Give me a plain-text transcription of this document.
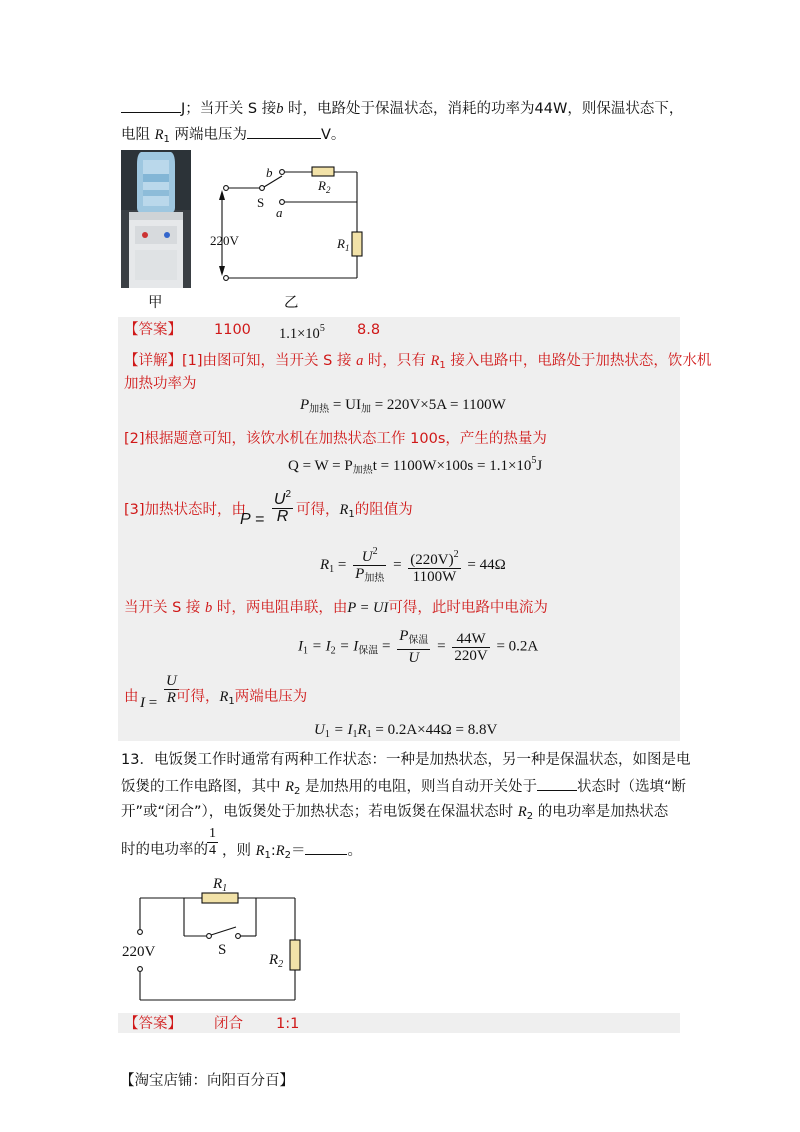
J；当开关 S 接b 时，电路处于保温状态，消耗的功率为44W，则保温状态下，
电阻 $R_1$ 两端电压为	V。
甲
b
$R_2$
S
a
220V	$R_1$
乙
【答案】 1100 $1.1\times 10^5$ 8.8
【详解】[1]由图可知，当开关 S 接 a 时，只有 $R_1$ 接入电路中，电路处于加热状态，饮水机
加热功率为
$P_{加热} = UI_加 = 220V\times 5A = 1100W$
[2]根据题意可知，该饮水机在加热状态工作 100s，产生的热量为
$Q = W = P_{加热}t = 1100W\times 100s = 1.1\times 10^5J$
[3]加热状态时，由
$P = \frac{U^2}{R}$ 可得，$R_1$的阻值为
$R_1 = \frac{U^2}{P_{加热}} = \frac{(220V)^2}{1100W} = 44\Omega$
当开关 S 接 b 时，两电阻串联，由P = UI可得，此时电路中电流为
$I_1 = I_2 = I_{保温} = \frac{P_{保温}}{U} = \frac{44W}{220V} = 0.2A$
由 $I = \frac{U}{R}$
可得，$R_1$两端电压为
$U_1 = I_1R_1 = 0.2A\times 44\Omega = 8.8V$
13．电饭煲工作时通常有两种工作状态：一种是加热状态，另一种是保温状态，如图是电
饭煲的工作电路图，其中 $R_2$ 是加热用的电阻，则当自动开关处于	状态时（选填“断
开”或“闭合”），电饭煲处于加热状态；若电饭煲在保温状态时 $R_2$ 的电功率是加热状态
时的电功率的 $\frac{1}{4}$ ，则 $R_1:R_2=$	。
$R_1$
S
220V	$R_2$
【答案】 闭合 1:1
【淘宝店铺：向阳百分百】
